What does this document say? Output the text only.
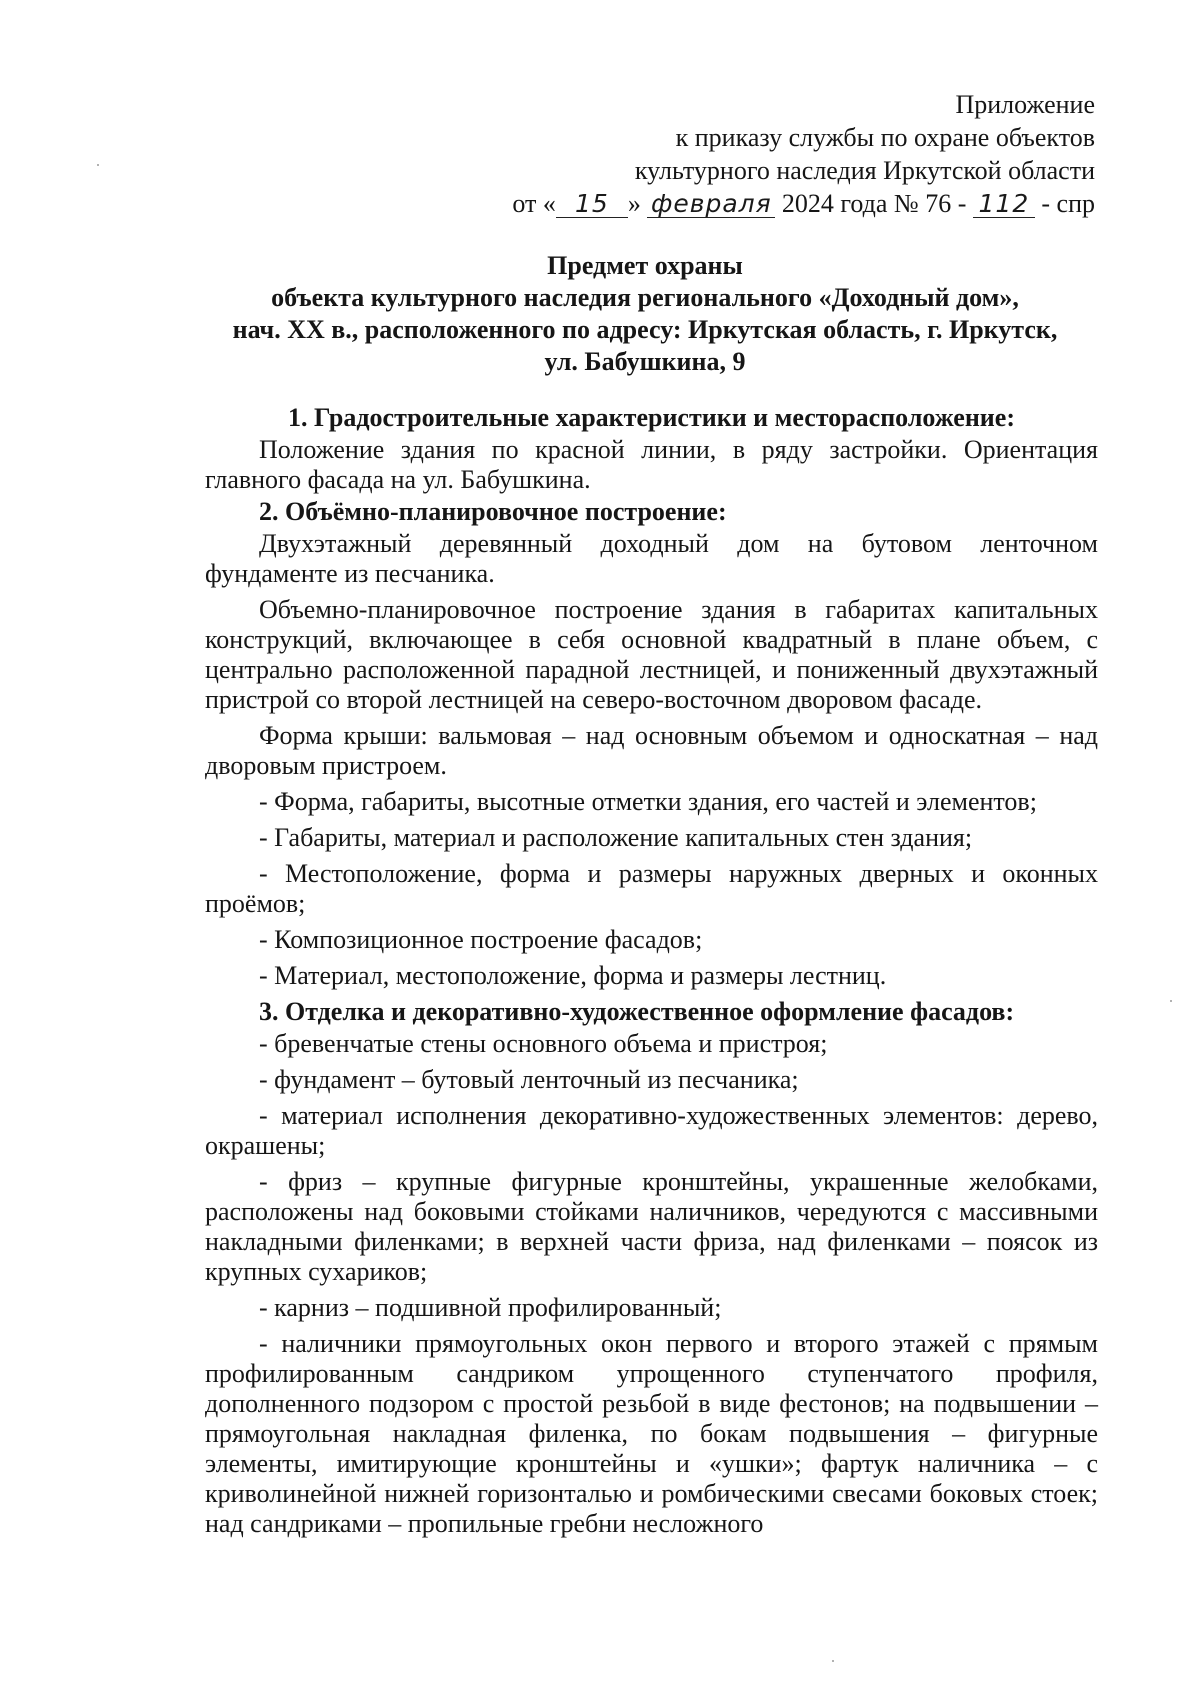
Приложение
к приказу службы по охране объектов
культурного наследия Иркутской области
от « 15 » февраля 2024 года № 76 - 112 - спр
Предмет охраны
объекта культурного наследия регионального «Доходный дом»,
нач. XX в., расположенного по адресу: Иркутская область, г. Иркутск,
ул. Бабушкина, 9

1. Градостроительные характеристики и месторасположение:

Положение здания по красной линии, в ряду застройки. Ориентация главного фасада на ул. Бабушкина.

2. Объёмно-планировочное построение:

Двухэтажный деревянный доходный дом на бутовом ленточном фундаменте из песчаника.

Объемно-планировочное построение здания в габаритах капитальных конструкций, включающее в себя основной квадратный в плане объем, с центрально расположенной парадной лестницей, и пониженный двухэтажный пристрой со второй лестницей на северо-восточном дворовом фасаде.

Форма крыши: вальмовая – над основным объемом и односкатная – над дворовым пристроем.

- Форма, габариты, высотные отметки здания, его частей и элементов;

- Габариты, материал и расположение капитальных стен здания;

- Местоположение, форма и размеры наружных дверных и оконных проёмов;

- Композиционное построение фасадов;

- Материал, местоположение, форма и размеры лестниц.

3. Отделка и декоративно-художественное оформление фасадов:

- бревенчатые стены основного объема и пристроя;

- фундамент – бутовый ленточный из песчаника;

- материал исполнения декоративно-художественных элементов: дерево, окрашены;

- фриз – крупные фигурные кронштейны, украшенные желобками, расположены над боковыми стойками наличников, чередуются с массивными накладными филенками; в верхней части фриза, над филенками – поясок из крупных сухариков;

- карниз – подшивной профилированный;

- наличники прямоугольных окон первого и второго этажей с прямым профилированным сандриком упрощенного ступенчатого профиля, дополненного подзором с простой резьбой в виде фестонов; на подвышении – прямоугольная накладная филенка, по бокам подвышения – фигурные элементы, имитирующие кронштейны и «ушки»; фартук наличника – с криволинейной нижней горизонталью и ромбическими свесами боковых стоек; над сандриками – пропильные гребни несложного
